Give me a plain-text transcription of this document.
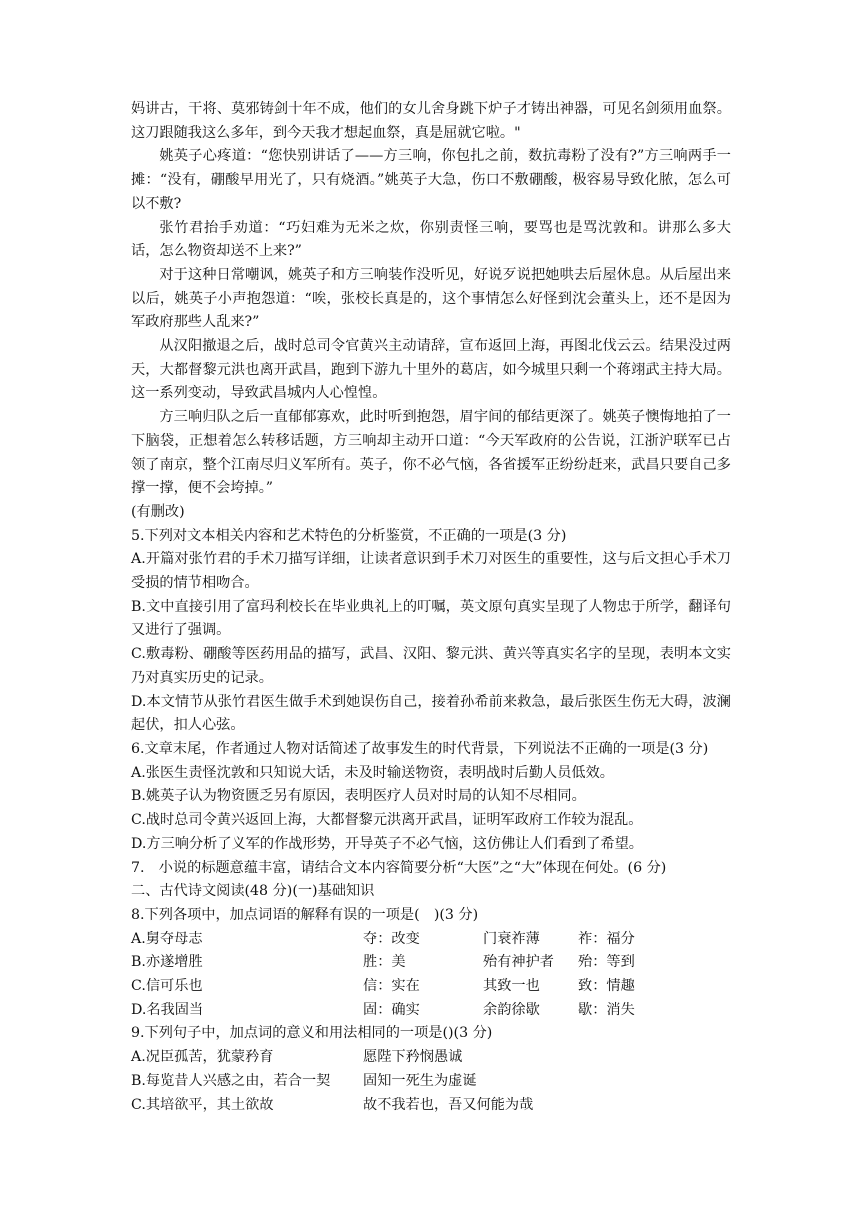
妈讲古，干将、莫邪铸剑十年不成，他们的女儿舍身跳下炉子才铸出神器，可见名剑须用血祭。这刀跟随我这么多年，到今天我才想起血祭，真是屈就它啦。"

姚英子心疼道：“您快别讲话了——方三响，你包扎之前，数抗毒粉了没有?”方三响两手一摊：“没有，硼酸早用光了，只有烧酒。”姚英子大急，伤口不敷硼酸，极容易导致化脓，怎么可以不敷?

张竹君抬手劝道：“巧妇难为无米之炊，你别责怪三响，要骂也是骂沈敦和。讲那么多大话，怎么物资却送不上来?”

对于这种日常嘲讽，姚英子和方三响装作没听见，好说歹说把她哄去后屋休息。从后屋出来以后，姚英子小声抱怨道：“唉，张校长真是的，这个事情怎么好怪到沈会董头上，还不是因为军政府那些人乱来?”

从汉阳撤退之后，战时总司令官黄兴主动请辞，宣布返回上海，再图北伐云云。结果没过两天，大都督黎元洪也离开武昌，跑到下游九十里外的葛店，如今城里只剩一个蒋翊武主持大局。这一系列变动，导致武昌城内人心惶惶。

方三响归队之后一直郁郁寡欢，此时听到抱怨，眉宇间的郁结更深了。姚英子懊悔地拍了一下脑袋，正想着怎么转移话题，方三响却主动开口道：“今天军政府的公告说，江浙沪联军已占领了南京，整个江南尽归义军所有。英子，你不必气恼，各省援军正纷纷赶来，武昌只要自己多撑一撑，便不会垮掉。”

(有删改)

5.下列对文本相关内容和艺术特色的分析鉴赏，不正确的一项是(3 分)

A.开篇对张竹君的手术刀描写详细，让读者意识到手术刀对医生的重要性，这与后文担心手术刀受损的情节相吻合。

B.文中直接引用了富玛利校长在毕业典礼上的叮嘱，英文原句真实呈现了人物忠于所学，翻译句又进行了强调。

C.敷毒粉、硼酸等医药用品的描写，武昌、汉阳、黎元洪、黄兴等真实名字的呈现，表明本文实乃对真实历史的记录。

D.本文情节从张竹君医生做手术到她误伤自己，接着孙希前来救急，最后张医生伤无大碍，波澜起伏，扣人心弦。

6.文章末尾，作者通过人物对话简述了故事发生的时代背景，下列说法不正确的一项是(3 分)

A.张医生责怪沈敦和只知说大话，未及时输送物资，表明战时后勤人员低效。

B.姚英子认为物资匮乏另有原因，表明医疗人员对时局的认知不尽相同。

C.战时总司令黄兴返回上海，大都督黎元洪离开武昌，证明军政府工作较为混乱。

D.方三响分析了义军的作战形势，开导英子不必气恼，这仿佛让人们看到了希望。

7.　小说的标题意蕴丰富，请结合文本内容简要分析“大医”之“大”体现在何处。(6 分)

二、古代诗文阅读(48 分)(一)基础知识

8.下列各项中，加点词语的解释有误的一项是(　)(3 分)

A.舅夺母志	夺：改变	门衰祚薄	祚：福分
B.亦遂增胜	胜：美	殆有神护者	殆：等到
C.信可乐也	信：实在	其致一也	致：情趣
D.名我固当	固：确实	余韵徐歇	歇：消失

9.下列句子中，加点词的意义和用法相同的一项是()(3 分)

A.况臣孤苦，犹蒙矜育	愿陛下矜悯愚诚
B.每览昔人兴感之由，若合一契	固知一死生为虚诞
C.其培欲平，其土欲故	故不我若也，吾又何能为哉
